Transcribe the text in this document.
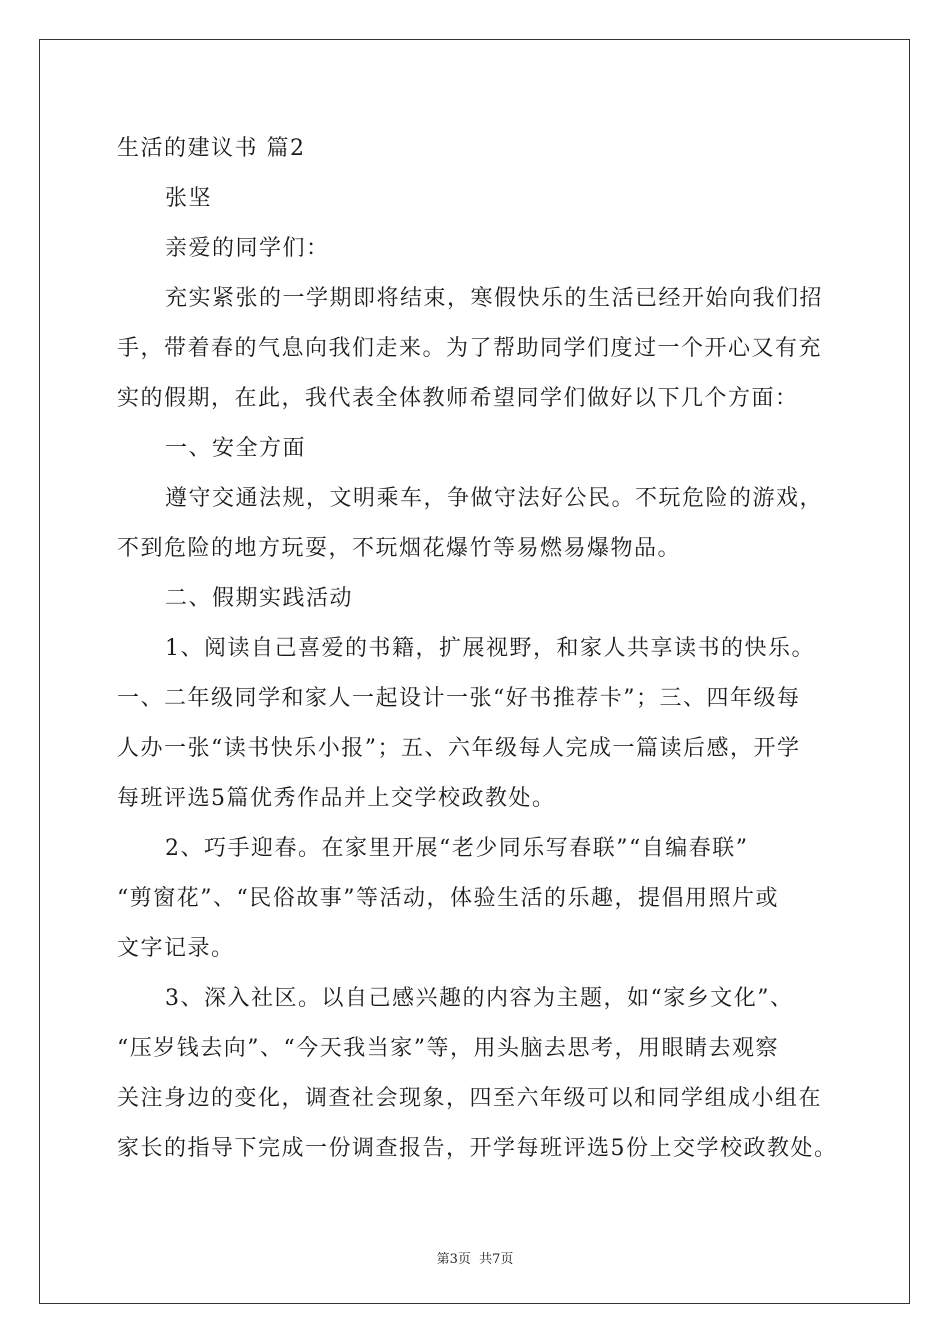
生活的建议书 篇2
张坚
亲爱的同学们：
充实紧张的一学期即将结束，寒假快乐的生活已经开始向我们招
手，带着春的气息向我们走来。为了帮助同学们度过一个开心又有充
实的假期，在此，我代表全体教师希望同学们做好以下几个方面：
一、安全方面
遵守交通法规，文明乘车，争做守法好公民。不玩危险的游戏，
不到危险的地方玩耍，不玩烟花爆竹等易燃易爆物品。
二、假期实践活动
1、阅读自己喜爱的书籍，扩展视野，和家人共享读书的快乐。
一、二年级同学和家人一起设计一张“好书推荐卡”；三、四年级每
人办一张“读书快乐小报”；五、六年级每人完成一篇读后感，开学
每班评选5篇优秀作品并上交学校政教处。
2、巧手迎春。在家里开展“老少同乐写春联”“自编春联”
“剪窗花”、“民俗故事”等活动，体验生活的乐趣，提倡用照片或
文字记录。
3、深入社区。以自己感兴趣的内容为主题，如“家乡文化”、
“压岁钱去向”、“今天我当家”等，用头脑去思考，用眼睛去观察
关注身边的变化，调查社会现象，四至六年级可以和同学组成小组在
家长的指导下完成一份调查报告，开学每班评选5份上交学校政教处。
第3页 共7页
